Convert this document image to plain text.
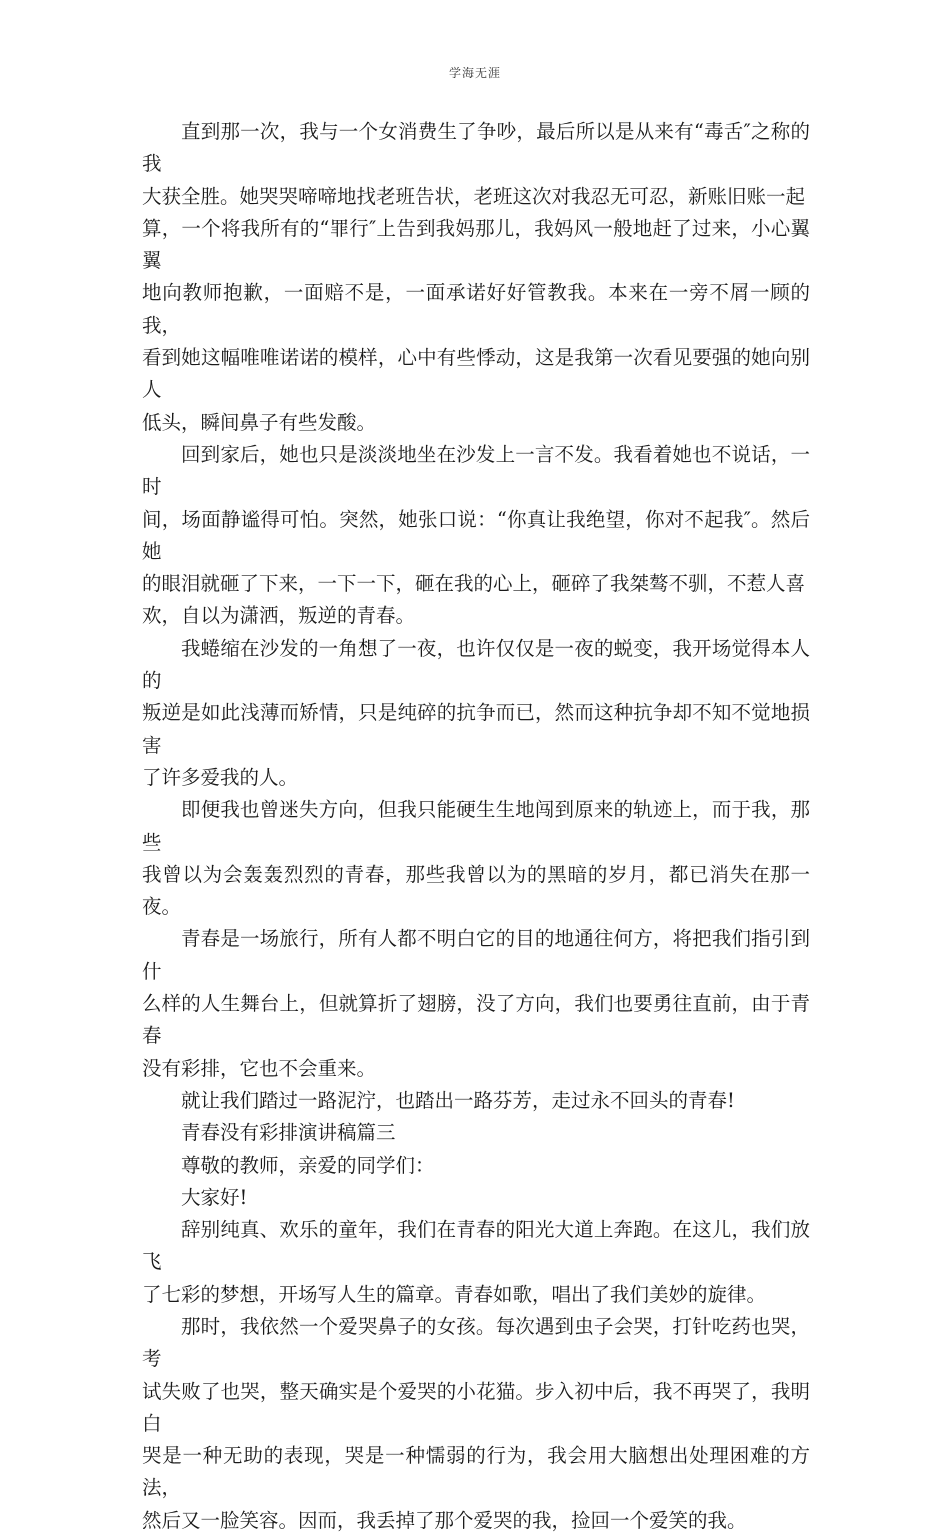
学海无涯

直到那一次，我与一个女消费生了争吵，最后所以是从来有“毒舌″之称的我
大获全胜。她哭哭啼啼地找老班告状，老班这次对我忍无可忍，新账旧账一起
算，一个将我所有的“罪行″上告到我妈那儿，我妈风一般地赶了过来，小心翼翼
地向教师抱歉，一面赔不是，一面承诺好好管教我。本来在一旁不屑一顾的我，
看到她这幅唯唯诺诺的模样，心中有些悸动，这是我第一次看见要强的她向别人
低头，瞬间鼻子有些发酸。

回到家后，她也只是淡淡地坐在沙发上一言不发。我看着她也不说话，一时
间，场面静谧得可怕。突然，她张口说：“你真让我绝望，你对不起我″。然后她
的眼泪就砸了下来，一下一下，砸在我的心上，砸碎了我桀骜不驯，不惹人喜
欢，自以为潇洒，叛逆的青春。

我蜷缩在沙发的一角想了一夜，也许仅仅是一夜的蜕变，我开场觉得本人的
叛逆是如此浅薄而矫情，只是纯碎的抗争而已，然而这种抗争却不知不觉地损害
了许多爱我的人。

即便我也曾迷失方向，但我只能硬生生地闯到原来的轨迹上，而于我，那些
我曾以为会轰轰烈烈的青春，那些我曾以为的黑暗的岁月，都已消失在那一夜。

青春是一场旅行，所有人都不明白它的目的地通往何方，将把我们指引到什
么样的人生舞台上，但就算折了翅膀，没了方向，我们也要勇往直前，由于青春
没有彩排，它也不会重来。

就让我们踏过一路泥泞，也踏出一路芬芳，走过永不回头的青春!

青春没有彩排演讲稿篇三

尊敬的教师，亲爱的同学们：

大家好!

辞别纯真、欢乐的童年，我们在青春的阳光大道上奔跑。在这儿，我们放飞
了七彩的梦想，开场写人生的篇章。青春如歌，唱出了我们美妙的旋律。

那时，我依然一个爱哭鼻子的女孩。每次遇到虫子会哭，打针吃药也哭，考
试失败了也哭，整天确实是个爱哭的小花猫。步入初中后，我不再哭了，我明白
哭是一种无助的表现，哭是一种懦弱的行为，我会用大脑想出处理困难的方法，
然后又一脸笑容。因而，我丢掉了那个爱哭的我，捡回一个爱笑的我。
